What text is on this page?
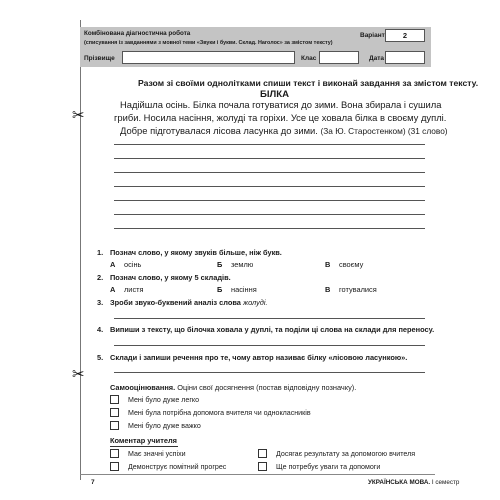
✂
✂
Комбінована діагностична робота
(списування із завданнями з мовної теми «Звуки і букви. Склад. Наголос» за змістом тексту)
Варіант	2
Прізвище	Клас	Дата
Разом зі своїми однолітками спиши текст і виконай завдання за змістом тексту.
БІЛКА
Надійшла осінь. Білка почала готуватися до зими. Вона збирала і сушила
гриби. Носила насіння, жолуді та горіхи. Усе це ховала білка в своєму дуплі.
Добре підготувалася лісова ласунка до зими. (За Ю. Старостенком) (31 слово)
1. Познач слово, у якому звуків більше, ніж букв.
А осінь	Б землю	В своєму
2. Познач слово, у якому 5 складів.
А листя	Б насіння	В готувалися
3. Зроби звуко-буквений аналіз слова жолуді.
4. Випиши з тексту, що білочка ховала у дуплі, та поділи ці слова на склади для переносу.
5. Склади і запиши речення про те, чому автор називає білку «лісовою ласункою».
Самооцінювання. Оціни свої досягнення (постав відповідну позначку).
Мені було дуже легко
Мені була потрібна допомога вчителя чи однокласників
Мені було дуже важко
Коментар учителя
Має значні успіхи
Демонструє помітний прогрес
Досягає результату за допомогою вчителя
Ще потребує уваги та допомоги
7	УКРАЇНСЬКА МОВА. I семестр
